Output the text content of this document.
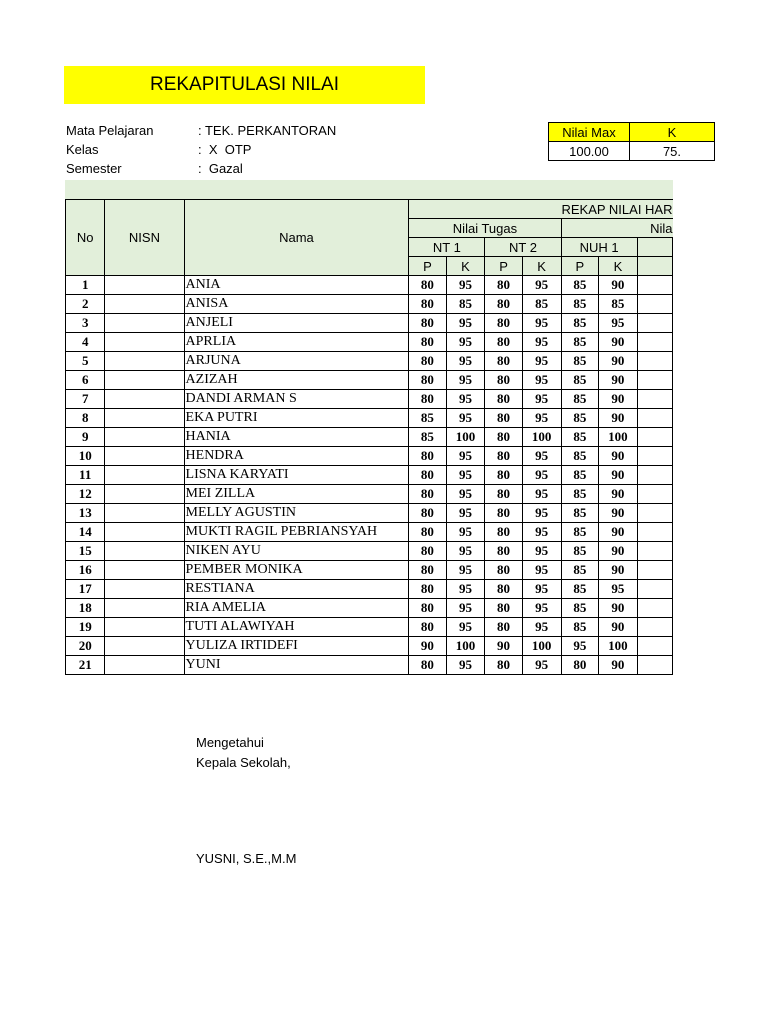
REKAPITULASI NILAI
Mata Pelajaran	: TEK. PERKANTORAN
Kelas	:  X  OTP
Semester	:  Gazal
Nilai Max	K
100.00	75.
No	NISN	Nama	REKAP NILAI HAR						
			Nilai Tugas				Nila		
			NT 1		NT 2		NUH 1		
			P	K	P	K	P	K	
1		ANIA	80	95	80	95	85	90	
2		ANISA	80	85	80	85	85	85	
3		ANJELI	80	95	80	95	85	95	
4		APRLIA	80	95	80	95	85	90	
5		ARJUNA	80	95	80	95	85	90	
6		AZIZAH	80	95	80	95	85	90	
7		DANDI ARMAN S	80	95	80	95	85	90	
8		EKA PUTRI	85	95	80	95	85	90	
9		HANIA	85	100	80	100	85	100	
10		HENDRA	80	95	80	95	85	90	
11		LISNA KARYATI	80	95	80	95	85	90	
12		MEI ZILLA	80	95	80	95	85	90	
13		MELLY AGUSTIN	80	95	80	95	85	90	
14		MUKTI RAGIL PEBRIANSYAH	80	95	80	95	85	90	
15		NIKEN AYU	80	95	80	95	85	90	
16		PEMBER MONIKA	80	95	80	95	85	90	
17		RESTIANA	80	95	80	95	85	95	
18		RIA AMELIA	80	95	80	95	85	90	
19		TUTI ALAWIYAH	80	95	80	95	85	90	
20		YULIZA IRTIDEFI	90	100	90	100	95	100	
21		YUNI	80	95	80	95	80	90	
Mengetahui
Kepala Sekolah,
YUSNI, S.E.,M.M
